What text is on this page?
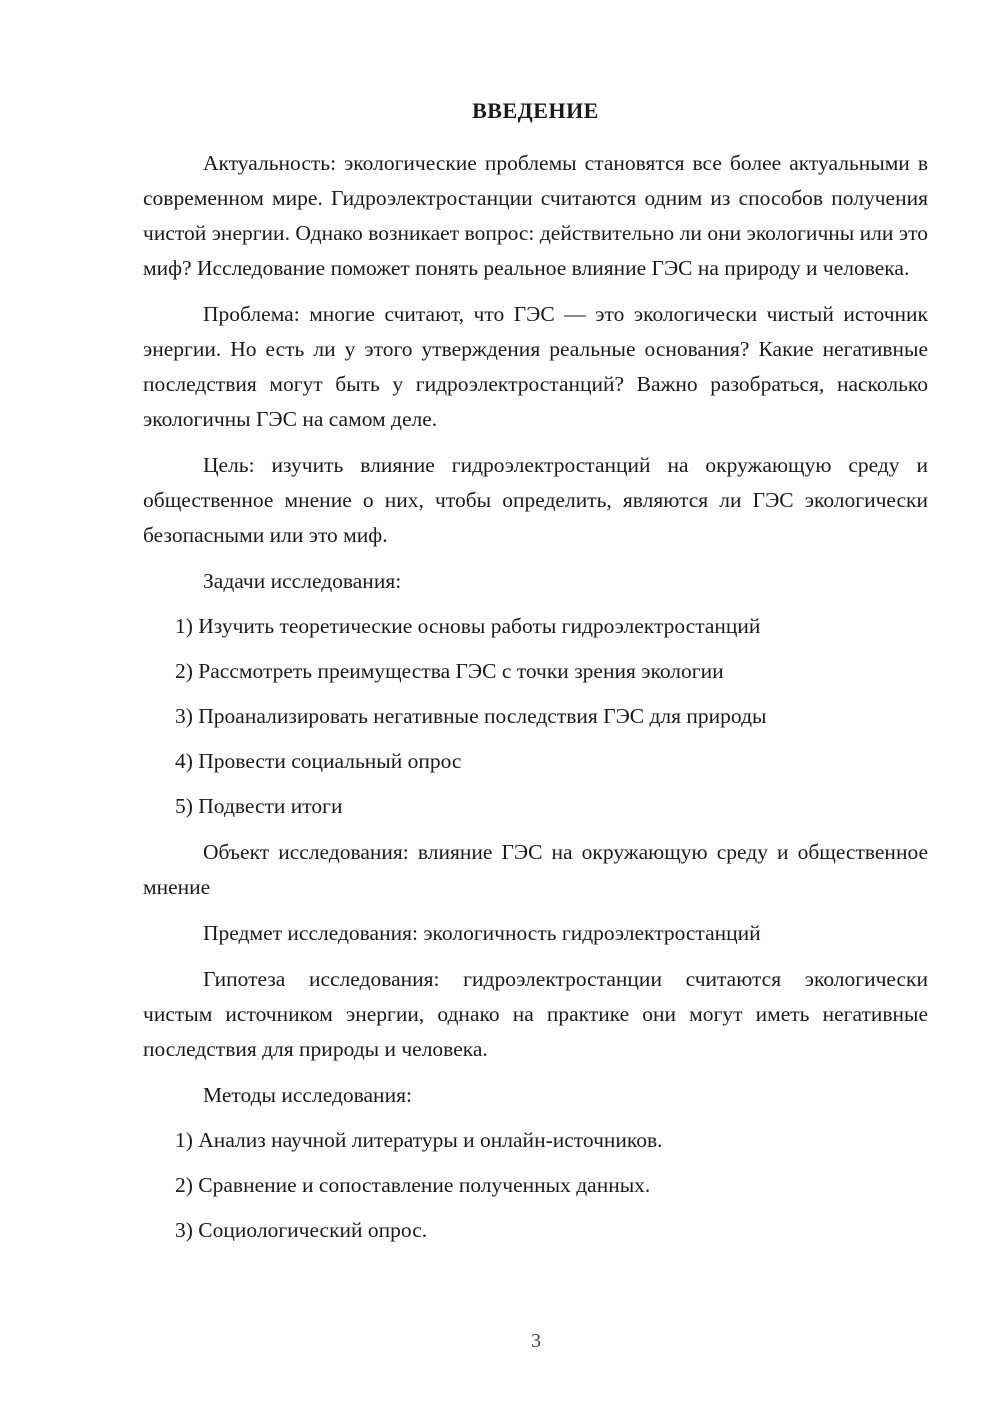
ВВЕДЕНИЕ

Актуальность: экологические проблемы становятся все более актуальными в современном мире. Гидроэлектростанции считаются одним из способов получения чистой энергии. Однако возникает вопрос: действительно ли они экологичны или это миф? Исследование поможет понять реальное влияние ГЭС на природу и человека.

Проблема: многие считают, что ГЭС — это экологически чистый источник энергии. Но есть ли у этого утверждения реальные основания? Какие негативные последствия могут быть у гидроэлектростанций? Важно разобраться, насколько экологичны ГЭС на самом деле.

Цель: изучить влияние гидроэлектростанций на окружающую среду и общественное мнение о них, чтобы определить, являются ли ГЭС экологически безопасными или это миф.

Задачи исследования:

1) Изучить теоретические основы работы гидроэлектростанций
2) Рассмотреть преимущества ГЭС с точки зрения экологии
3) Проанализировать негативные последствия ГЭС для природы
4) Провести социальный опрос
5) Подвести итоги

Объект исследования: влияние ГЭС на окружающую среду и общественное мнение

Предмет исследования: экологичность гидроэлектростанций

Гипотеза исследования: гидроэлектростанции считаются экологически чистым источником энергии, однако на практике они могут иметь негативные последствия для природы и человека.

Методы исследования:

1) Анализ научной литературы и онлайн-источников.
2) Сравнение и сопоставление полученных данных.
3) Социологический опрос.
3
